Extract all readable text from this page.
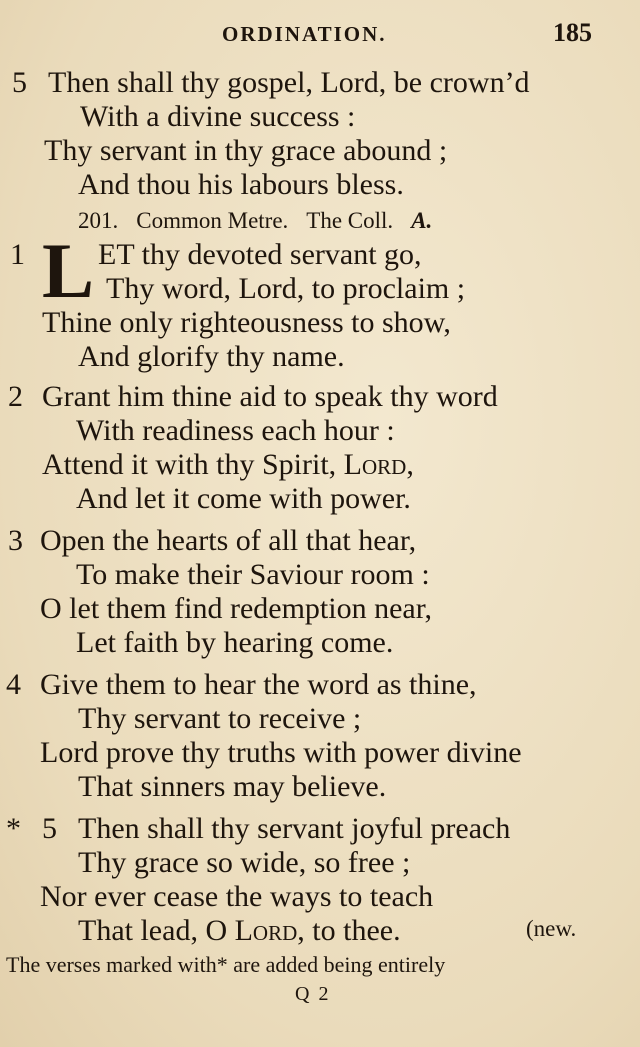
ORDINATION.	185
5 Then shall thy gospel, Lord, be crown’d
With a divine success :
Thy servant in thy grace abound ;
And thou his labours bless.
201. Common Metre. The Coll. A.
1 L ET thy devoted servant go,
Thy word, Lord, to proclaim ;
Thine only righteousness to show,
And glorify thy name.
2 Grant him thine aid to speak thy word
With readiness each hour :
Attend it with thy Spirit, Lord,
And let it come with power.
3 Open the hearts of all that hear,
To make their Saviour room :
O let them find redemption near,
Let faith by hearing come.
4 Give them to hear the word as thine,
Thy servant to receive ;
Lord prove thy truths with power divine
That sinners may believe.
* 5 Then shall thy servant joyful preach
Thy grace so wide, so free ;
Nor ever cease the ways to teach
That lead, O Lord, to thee.	(new.
The verses marked with* are added being entirely
Q 2
